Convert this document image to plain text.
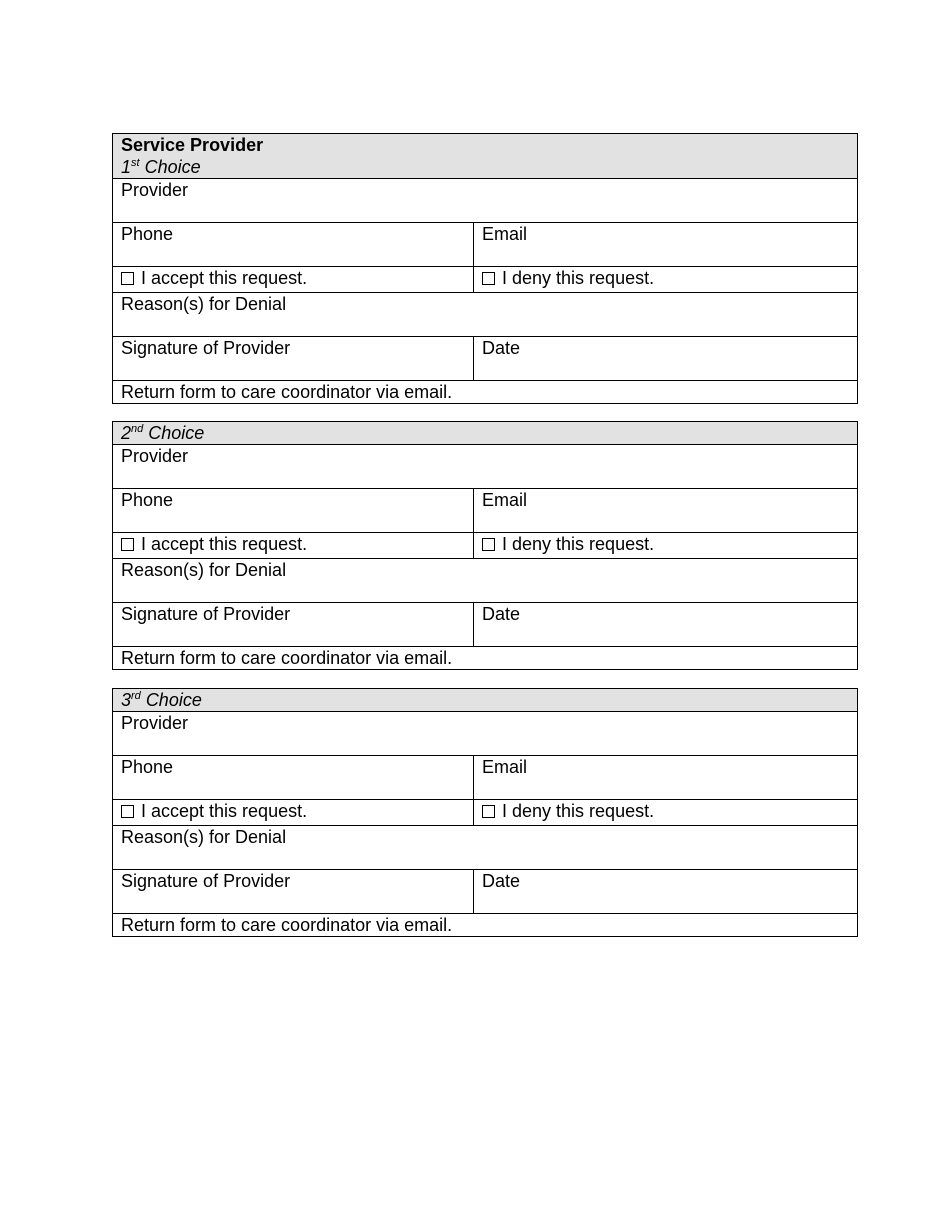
Service Provider
1st Choice
Provider
Phone	Email
I accept this request.	I deny this request.
Reason(s) for Denial
Signature of Provider	Date
Return form to care coordinator via email.
2nd Choice
Provider
Phone	Email
I accept this request.	I deny this request.
Reason(s) for Denial
Signature of Provider	Date
Return form to care coordinator via email.
3rd Choice
Provider
Phone	Email
I accept this request.	I deny this request.
Reason(s) for Denial
Signature of Provider	Date
Return form to care coordinator via email.
